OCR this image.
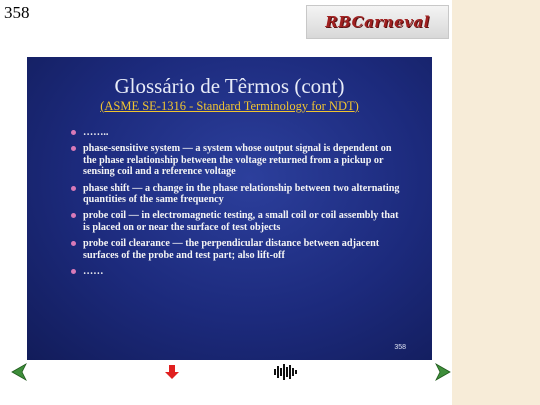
358	RBCarneval
Glossário de Têrmos (cont)
(ASME SE-1316 - Standard Terminology for NDT)
……..
phase-sensitive system — a system whose output signal is dependent on the phase relationship between the voltage returned from a pickup or sensing coil and a reference voltage
phase shift — a change in the phase relationship between two alternating quantities of the same frequency
probe coil — in electromagnetic testing, a small coil or coil assembly that is placed on or near the surface of test objects
probe coil clearance — the perpendicular distance between adjacent surfaces of the probe and test part; also lift-off
……
358
